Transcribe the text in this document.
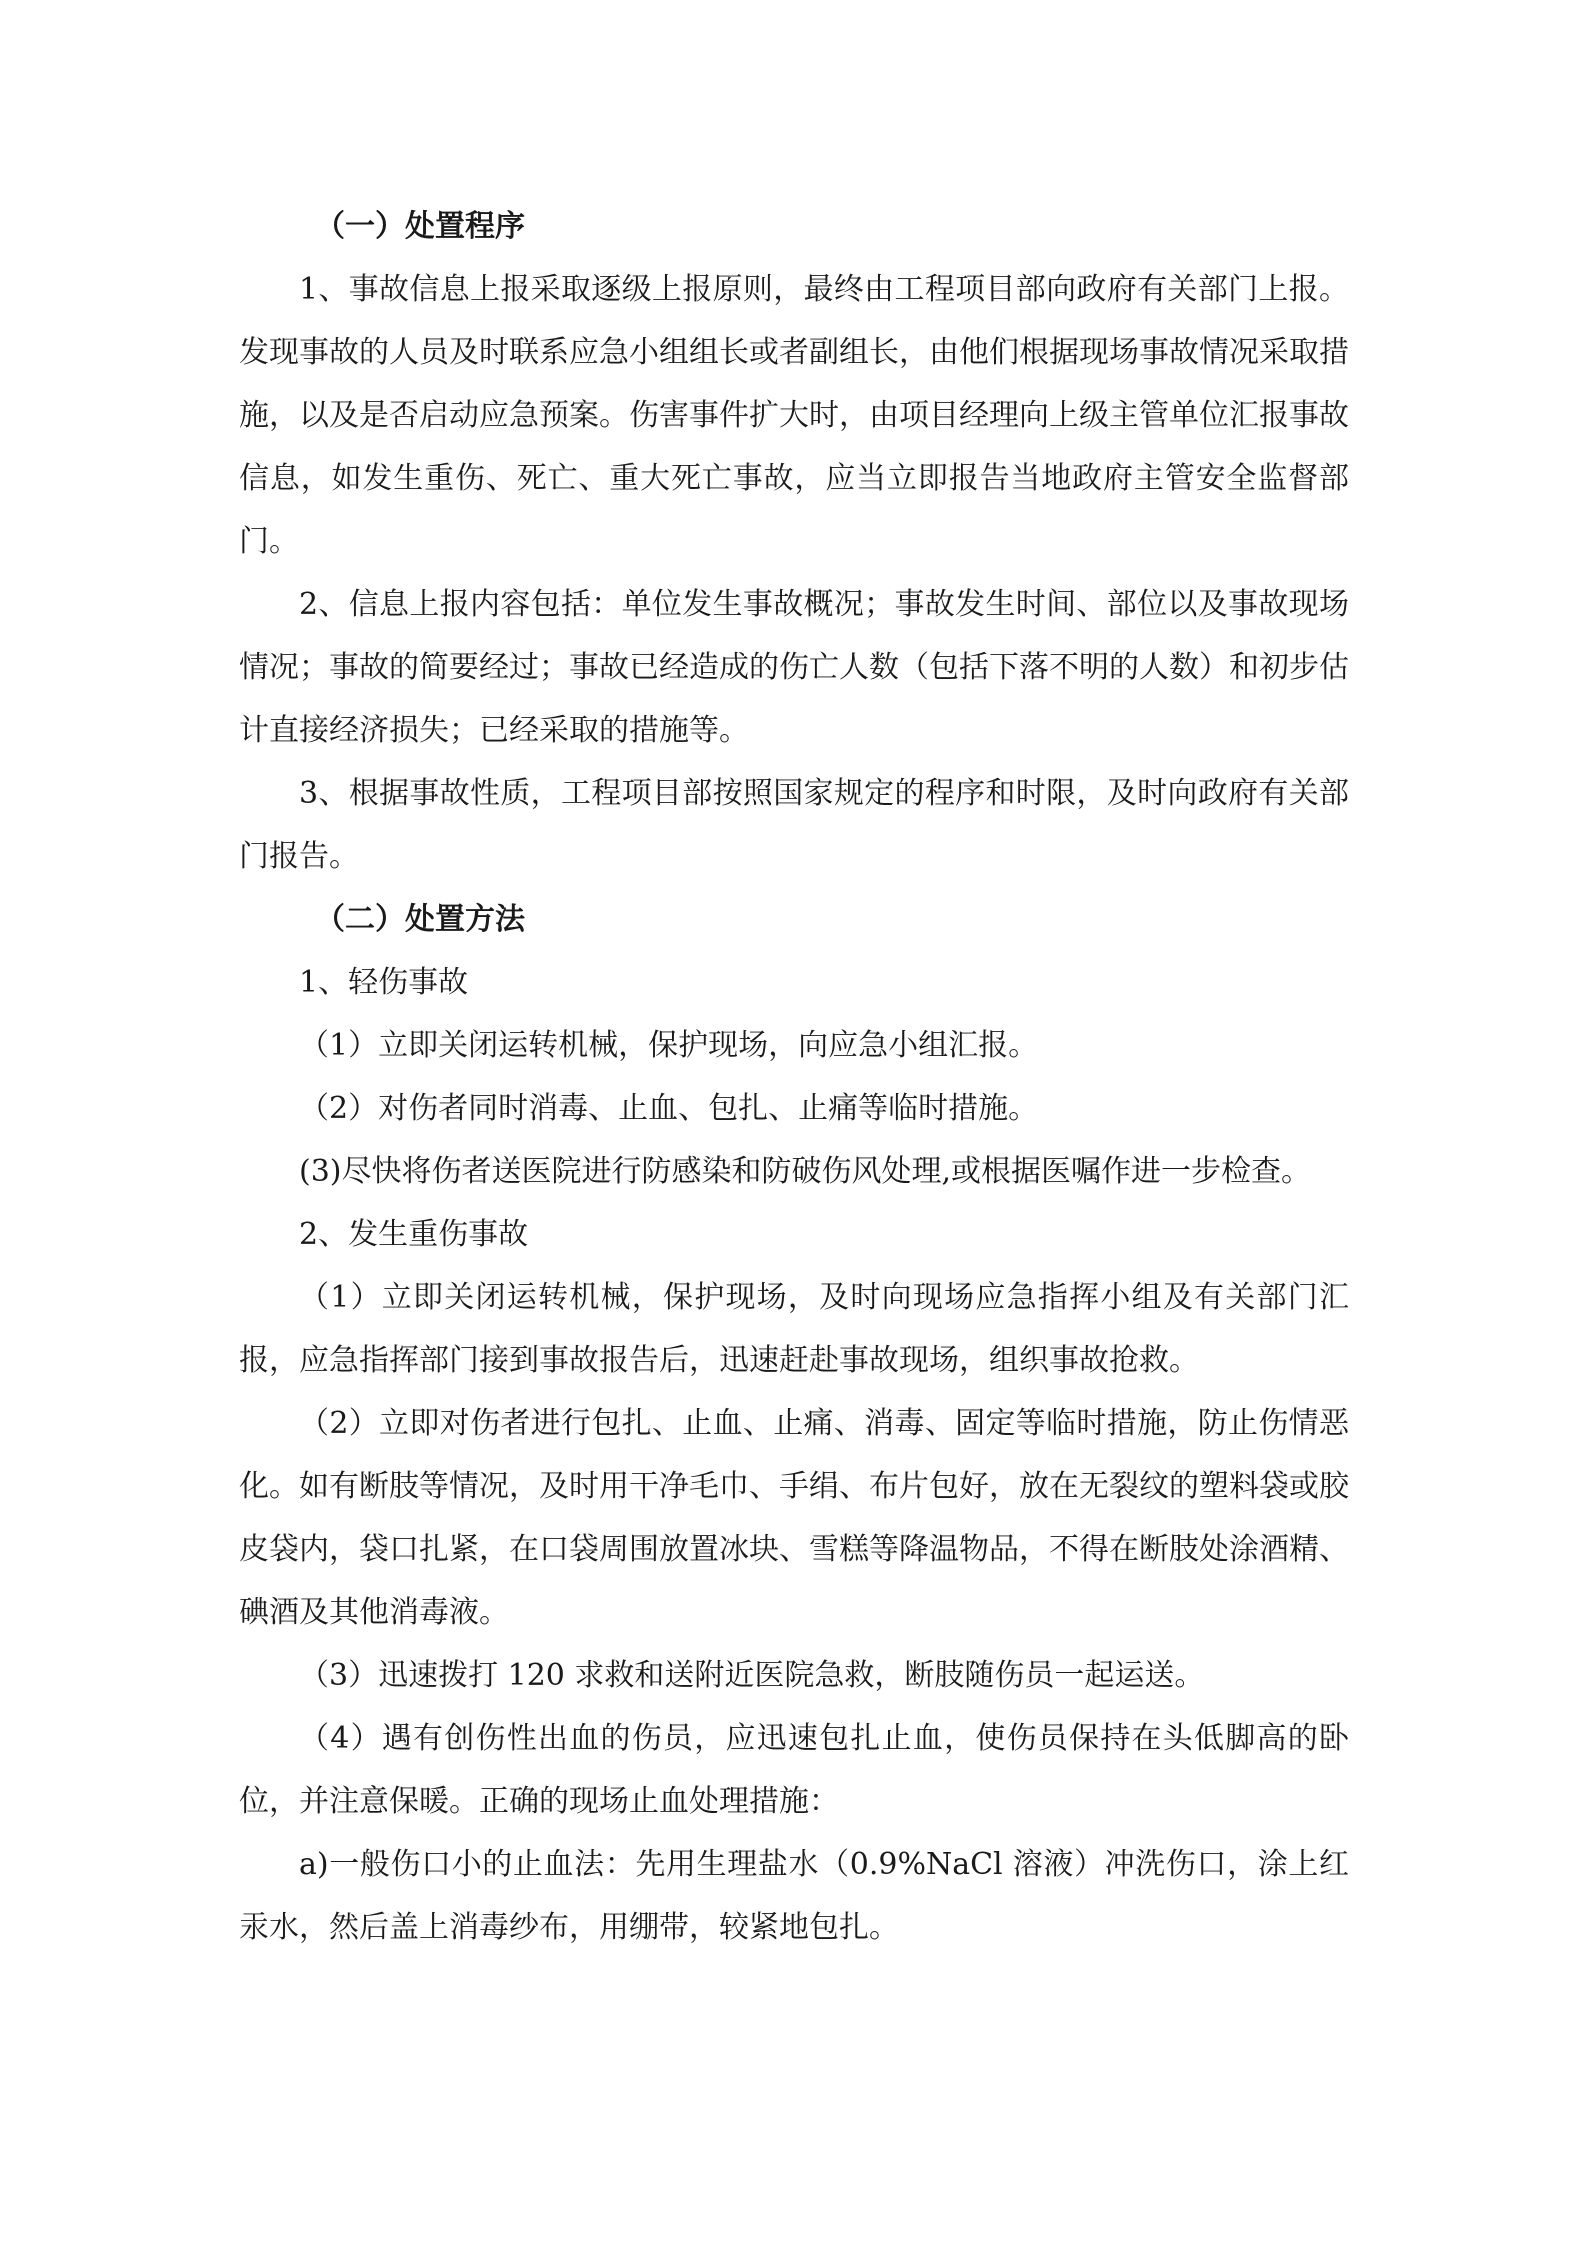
（一）处置程序

1、事故信息上报采取逐级上报原则，最终由工程项目部向政府有关部门上报。发现事故的人员及时联系应急小组组长或者副组长，由他们根据现场事故情况采取措施，以及是否启动应急预案。伤害事件扩大时，由项目经理向上级主管单位汇报事故信息，如发生重伤、死亡、重大死亡事故，应当立即报告当地政府主管安全监督部门。

2、信息上报内容包括：单位发生事故概况；事故发生时间、部位以及事故现场情况；事故的简要经过；事故已经造成的伤亡人数（包括下落不明的人数）和初步估计直接经济损失；已经采取的措施等。

3、根据事故性质，工程项目部按照国家规定的程序和时限，及时向政府有关部门报告。

（二）处置方法

1、轻伤事故

（1）立即关闭运转机械，保护现场，向应急小组汇报。

（2）对伤者同时消毒、止血、包扎、止痛等临时措施。

(3)尽快将伤者送医院进行防感染和防破伤风处理,或根据医嘱作进一步检查。

2、发生重伤事故

（1）立即关闭运转机械，保护现场，及时向现场应急指挥小组及有关部门汇报，应急指挥部门接到事故报告后，迅速赶赴事故现场，组织事故抢救。

（2）立即对伤者进行包扎、止血、止痛、消毒、固定等临时措施，防止伤情恶化。如有断肢等情况，及时用干净毛巾、手绢、布片包好，放在无裂纹的塑料袋或胶皮袋内，袋口扎紧，在口袋周围放置冰块、雪糕等降温物品，不得在断肢处涂酒精、碘酒及其他消毒液。

（3）迅速拨打 120 求救和送附近医院急救，断肢随伤员一起运送。

（4）遇有创伤性出血的伤员，应迅速包扎止血，使伤员保持在头低脚高的卧位，并注意保暖。正确的现场止血处理措施：

a)一般伤口小的止血法：先用生理盐水（0.9%NaCl 溶液）冲洗伤口，涂上红汞水，然后盖上消毒纱布，用绷带，较紧地包扎。
